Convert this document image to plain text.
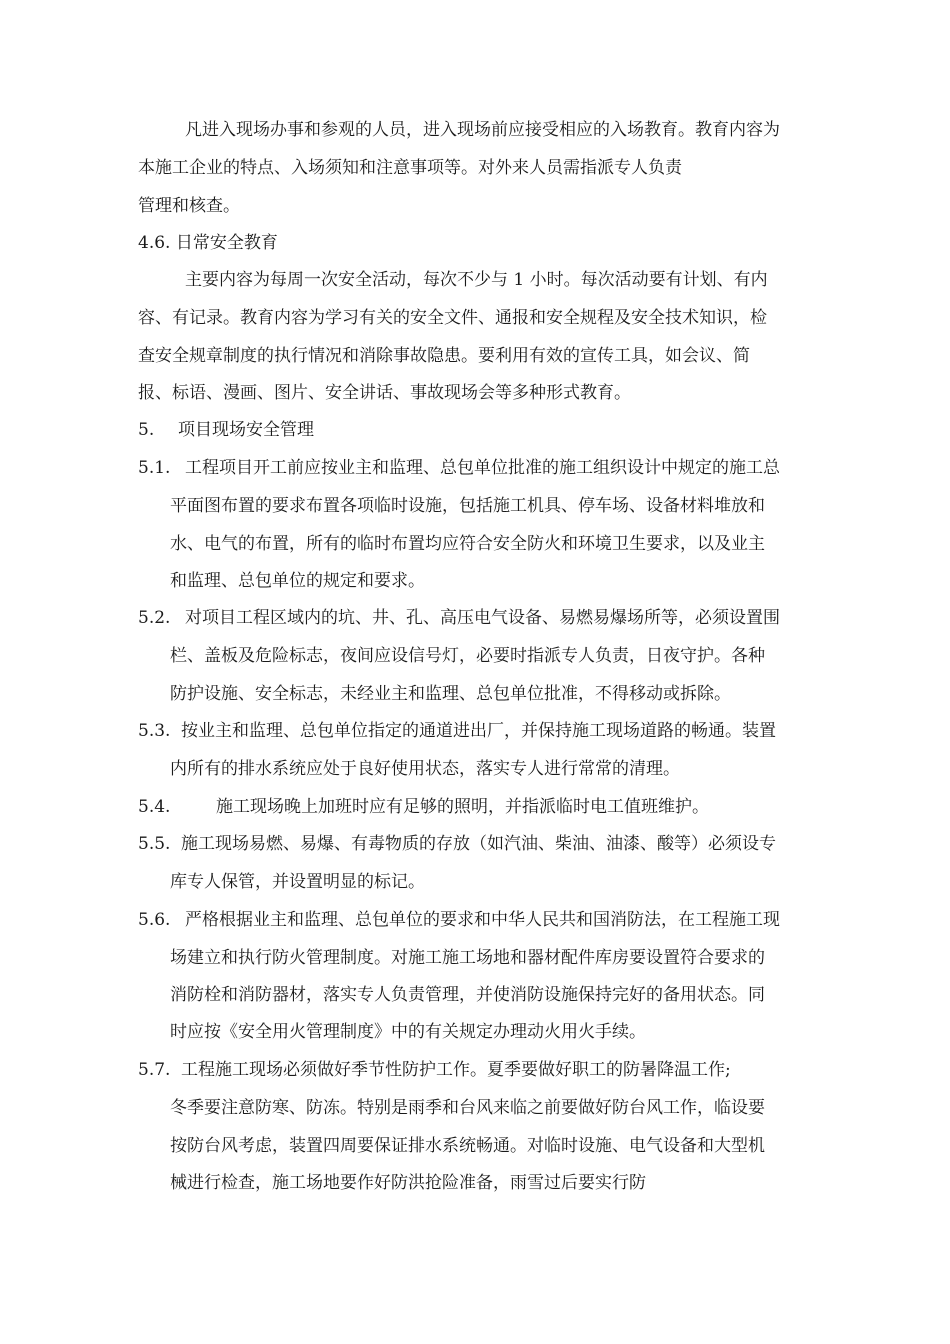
凡进入现场办事和参观的人员，进入现场前应接受相应的入场教育。教育内容为
本施工企业的特点、入场须知和注意事项等。对外来人员需指派专人负责
管理和核查。
4.6. 日常安全教育
主要内容为每周一次安全活动，每次不少与 1 小时。每次活动要有计划、有内
容、有记录。教育内容为学习有关的安全文件、通报和安全规程及安全技术知识，检
查安全规章制度的执行情况和消除事故隐患。要利用有效的宣传工具，如会议、简
报、标语、漫画、图片、安全讲话、事故现场会等多种形式教育。
5. 项目现场安全管理
5.1. 工程项目开工前应按业主和监理、总包单位批准的施工组织设计中规定的施工总
平面图布置的要求布置各项临时设施，包括施工机具、停车场、设备材料堆放和
水、电气的布置，所有的临时布置均应符合安全防火和环境卫生要求，以及业主
和监理、总包单位的规定和要求。
5.2. 对项目工程区域内的坑、井、孔、高压电气设备、易燃易爆场所等，必须设置围
栏、盖板及危险标志，夜间应设信号灯，必要时指派专人负责，日夜守护。各种
防护设施、安全标志，未经业主和监理、总包单位批准，不得移动或拆除。
5.3. 按业主和监理、总包单位指定的通道进出厂，并保持施工现场道路的畅通。装置
内所有的排水系统应处于良好使用状态，落实专人进行常常的清理。
5.4.	施工现场晚上加班时应有足够的照明，并指派临时电工值班维护。
5.5. 施工现场易燃、易爆、有毒物质的存放（如汽油、柴油、油漆、酸等）必须设专
库专人保管，并设置明显的标记。
5.6. 严格根据业主和监理、总包单位的要求和中华人民共和国消防法，在工程施工现
场建立和执行防火管理制度。对施工施工场地和器材配件库房要设置符合要求的
消防栓和消防器材，落实专人负责管理，并使消防设施保持完好的备用状态。同
时应按《安全用火管理制度》中的有关规定办理动火用火手续。
5.7. 工程施工现场必须做好季节性防护工作。夏季要做好职工的防暑降温工作;
冬季要注意防寒、防冻。特别是雨季和台风来临之前要做好防台风工作，临设要
按防台风考虑，装置四周要保证排水系统畅通。对临时设施、电气设备和大型机
械进行检查，施工场地要作好防洪抢险准备，雨雪过后要实行防
